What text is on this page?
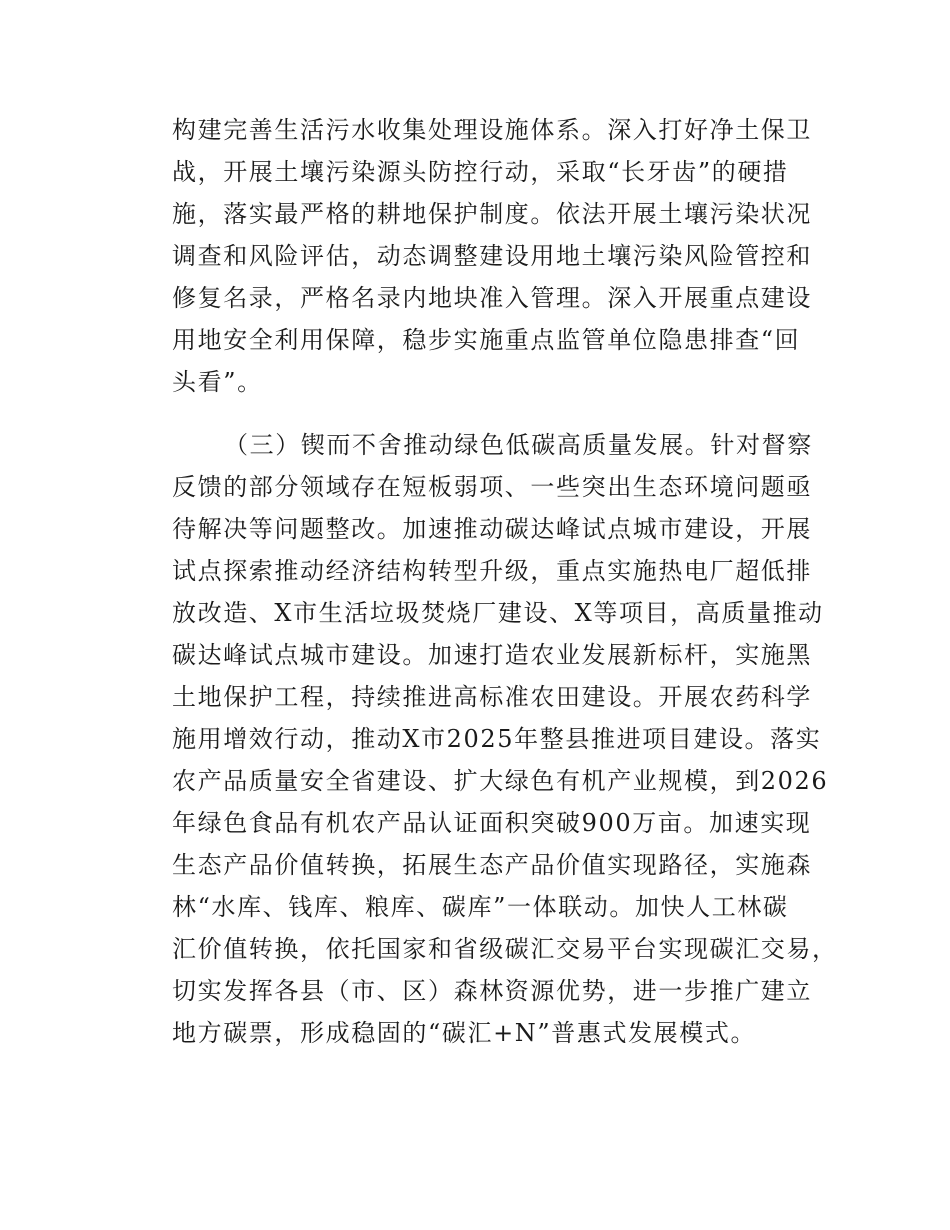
构建完善生活污水收集处理设施体系。深入打好净土保卫
战，开展土壤污染源头防控行动，采取“长牙齿”的硬措
施，落实最严格的耕地保护制度。依法开展土壤污染状况
调查和风险评估，动态调整建设用地土壤污染风险管控和
修复名录，严格名录内地块准入管理。深入开展重点建设
用地安全利用保障，稳步实施重点监管单位隐患排查“回
头看”。
（三）锲而不舍推动绿色低碳高质量发展。针对督察
反馈的部分领域存在短板弱项、一些突出生态环境问题亟
待解决等问题整改。加速推动碳达峰试点城市建设，开展
试点探索推动经济结构转型升级，重点实施热电厂超低排
放改造、X市生活垃圾焚烧厂建设、X等项目，高质量推动
碳达峰试点城市建设。加速打造农业发展新标杆，实施黑
土地保护工程，持续推进高标准农田建设。开展农药科学
施用增效行动，推动X市2025年整县推进项目建设。落实
农产品质量安全省建设、扩大绿色有机产业规模，到2026
年绿色食品有机农产品认证面积突破900万亩。加速实现
生态产品价值转换，拓展生态产品价值实现路径，实施森
林“水库、钱库、粮库、碳库”一体联动。加快人工林碳
汇价值转换，依托国家和省级碳汇交易平台实现碳汇交易，
切实发挥各县（市、区）森林资源优势，进一步推广建立
地方碳票，形成稳固的“碳汇+N”普惠式发展模式。
